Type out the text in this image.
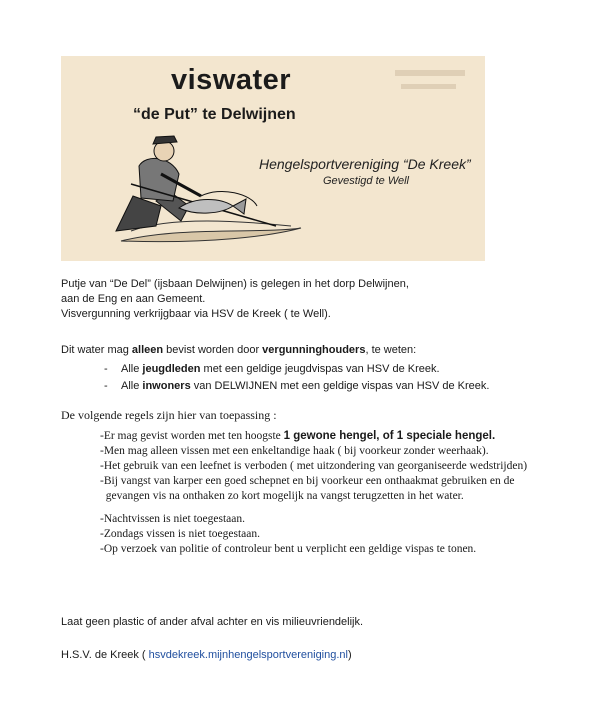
viswater
“de Put” te Delwijnen
Hengelsportvereniging “De Kreek”
Gevestigd te Well

Putje van “De Del” (ijsbaan Delwijnen) is gelegen in het dorp Delwijnen,
aan de Eng en aan Gemeent.
Visvergunning verkrijgbaar via HSV de Kreek ( te Well).

Dit water mag alleen bevist worden door vergunninghouders, te weten:

- Alle jeugdleden met een geldige jeugdvispas van HSV de Kreek.
- Alle inwoners van DELWIJNEN met een geldige vispas van HSV de Kreek.

De volgende regels zijn hier van toepassing :

-Er mag gevist worden met ten hoogste 1 gewone hengel, of 1 speciale hengel.
-Men mag alleen vissen met een enkeltandige haak ( bij voorkeur zonder weerhaak).
-Het gebruik van een leefnet is verboden ( met uitzondering van georganiseerde wedstrijden)
-Bij vangst van karper een goed schepnet en bij voorkeur een onthaakmat gebruiken en de
gevangen vis na onthaken zo kort mogelijk na vangst terugzetten in het water.
-Nachtvissen is niet toegestaan.
-Zondags vissen is niet toegestaan.
-Op verzoek van politie of controleur bent u verplicht een geldige vispas te tonen.

Laat geen plastic of ander afval achter en vis milieuvriendelijk.

H.S.V. de Kreek ( hsvdekreek.mijnhengelsportvereniging.nl)
